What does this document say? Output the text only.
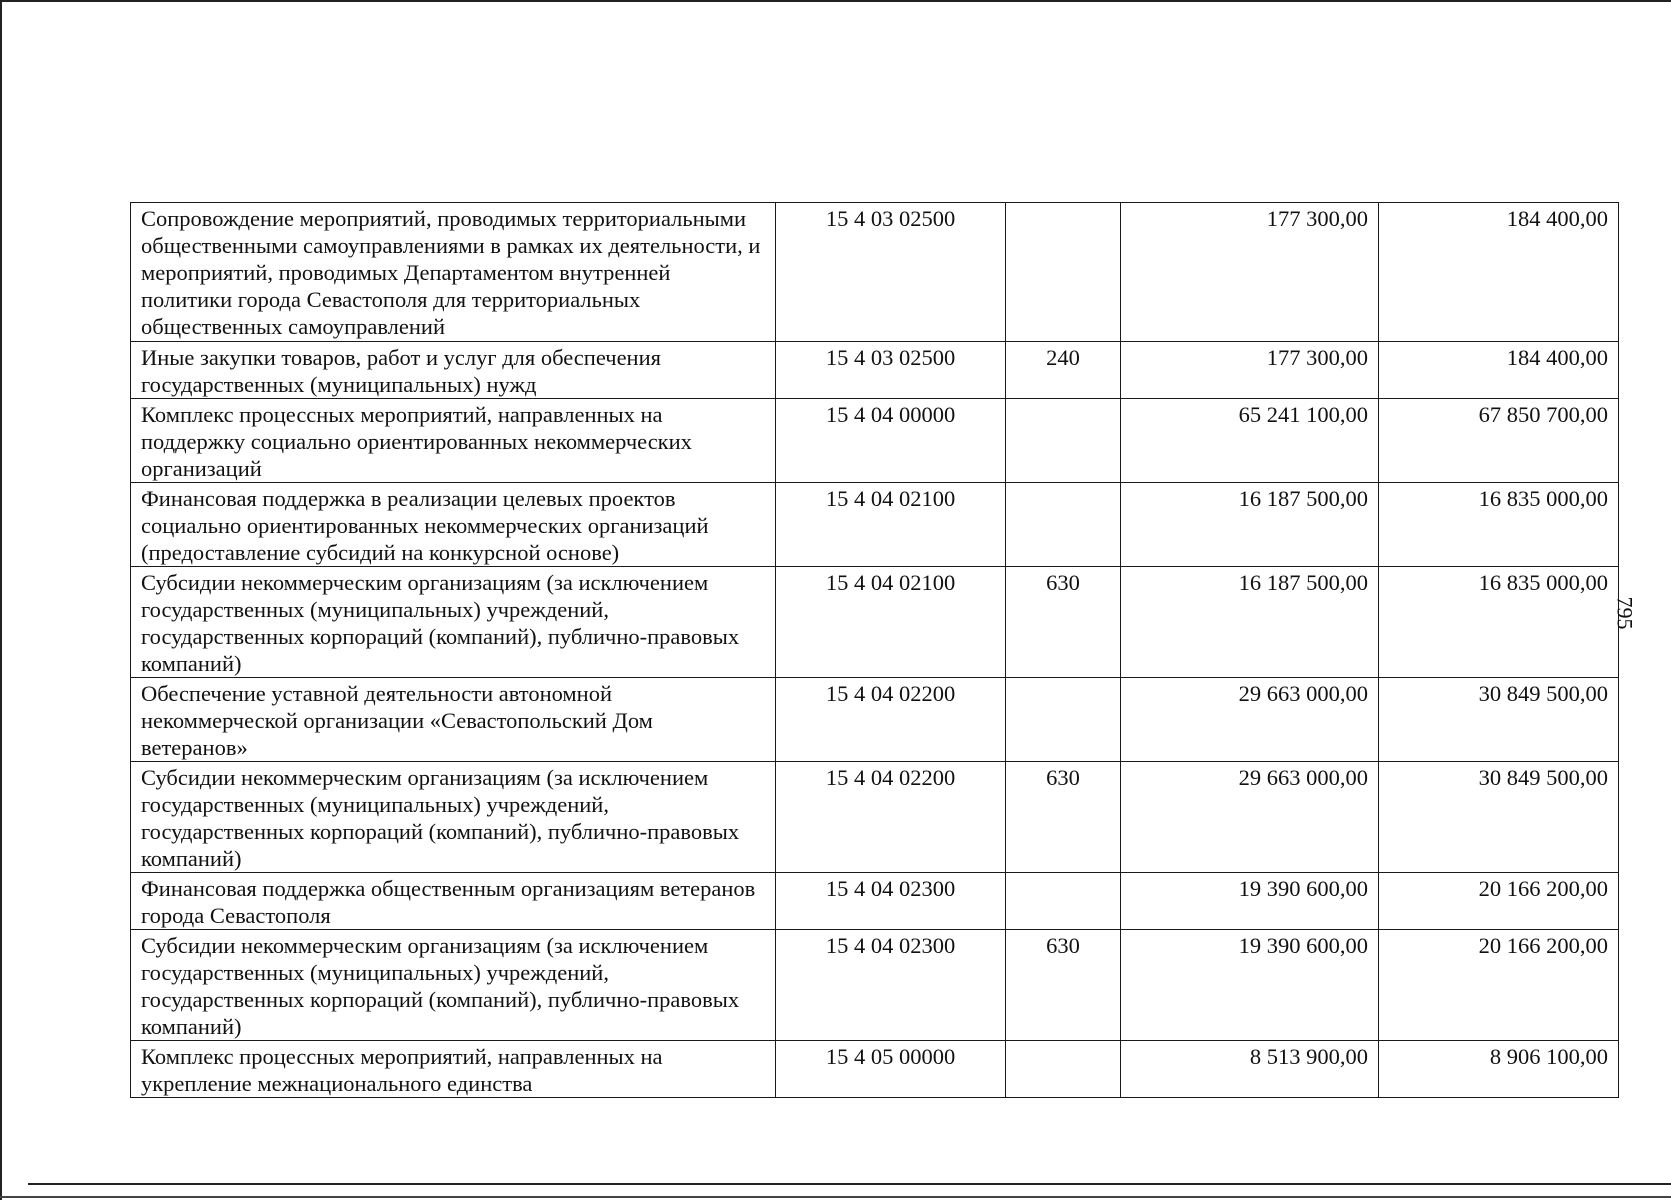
Сопровождение мероприятий, проводимых территориальными общественными самоуправлениями в рамках их деятельности, и мероприятий, проводимых Департаментом внутренней политики города Севастополя для территориальных общественных самоуправлений	15 4 03 02500		177 300,00	184 400,00
Иные закупки товаров, работ и услуг для обеспечения государственных (муниципальных) нужд	15 4 03 02500	240	177 300,00	184 400,00
Комплекс процессных мероприятий, направленных на поддержку социально ориентированных некоммерческих организаций	15 4 04 00000		65 241 100,00	67 850 700,00
Финансовая поддержка в реализации целевых проектов социально ориентированных некоммерческих организаций (предоставление субсидий на конкурсной основе)	15 4 04 02100		16 187 500,00	16 835 000,00
Субсидии некоммерческим организациям (за исключением государственных (муниципальных) учреждений, государственных корпораций (компаний), публично-правовых компаний)	15 4 04 02100	630	16 187 500,00	16 835 000,00
Обеспечение уставной деятельности автономной некоммерческой организации «Севастопольский Дом ветеранов»	15 4 04 02200		29 663 000,00	30 849 500,00
Субсидии некоммерческим организациям (за исключением государственных (муниципальных) учреждений, государственных корпораций (компаний), публично-правовых компаний)	15 4 04 02200	630	29 663 000,00	30 849 500,00
Финансовая поддержка общественным организациям ветеранов города Севастополя	15 4 04 02300		19 390 600,00	20 166 200,00
Субсидии некоммерческим организациям (за исключением государственных (муниципальных) учреждений, государственных корпораций (компаний), публично-правовых компаний)	15 4 04 02300	630	19 390 600,00	20 166 200,00
Комплекс процессных мероприятий, направленных на укрепление межнационального единства	15 4 05 00000		8 513 900,00	8 906 100,00
795
